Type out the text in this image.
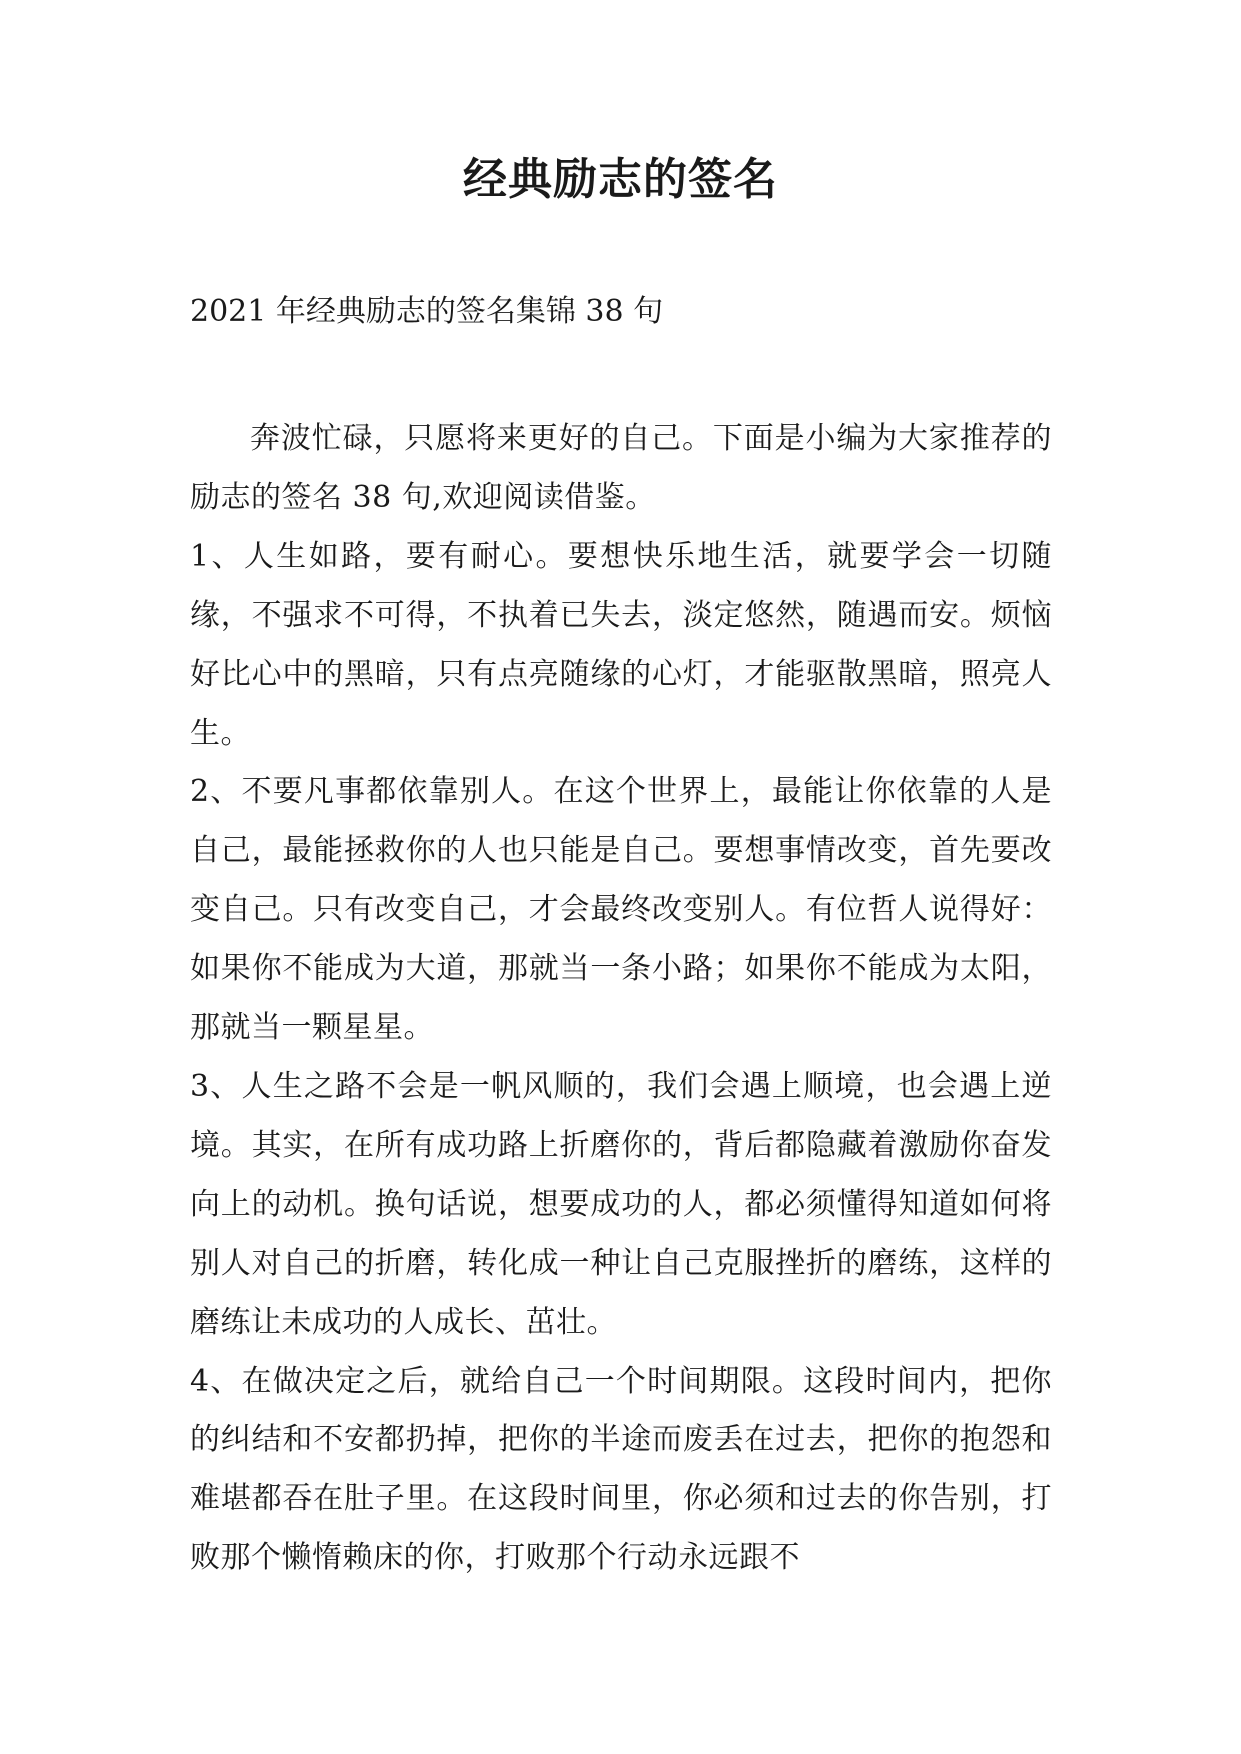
经典励志的签名
2021 年经典励志的签名集锦 38 句

奔波忙碌，只愿将来更好的自己。下面是小编为大家推荐的励志的签名 38 句,欢迎阅读借鉴。

1、人生如路，要有耐心。要想快乐地生活，就要学会一切随缘，不强求不可得，不执着已失去，淡定悠然，随遇而安。烦恼好比心中的黑暗，只有点亮随缘的心灯，才能驱散黑暗，照亮人生。

2、不要凡事都依靠别人。在这个世界上，最能让你依靠的人是自己，最能拯救你的人也只能是自己。要想事情改变，首先要改变自己。只有改变自己，才会最终改变别人。有位哲人说得好：如果你不能成为大道，那就当一条小路；如果你不能成为太阳，那就当一颗星星。

3、人生之路不会是一帆风顺的，我们会遇上顺境，也会遇上逆境。其实，在所有成功路上折磨你的，背后都隐藏着激励你奋发向上的动机。换句话说，想要成功的人，都必须懂得知道如何将别人对自己的折磨，转化成一种让自己克服挫折的磨练，这样的磨练让未成功的人成长、茁壮。

4、在做决定之后，就给自己一个时间期限。这段时间内，把你的纠结和不安都扔掉，把你的半途而废丢在过去，把你的抱怨和难堪都吞在肚子里。在这段时间里，你必须和过去的你告别，打败那个懒惰赖床的你，打败那个行动永远跟不
